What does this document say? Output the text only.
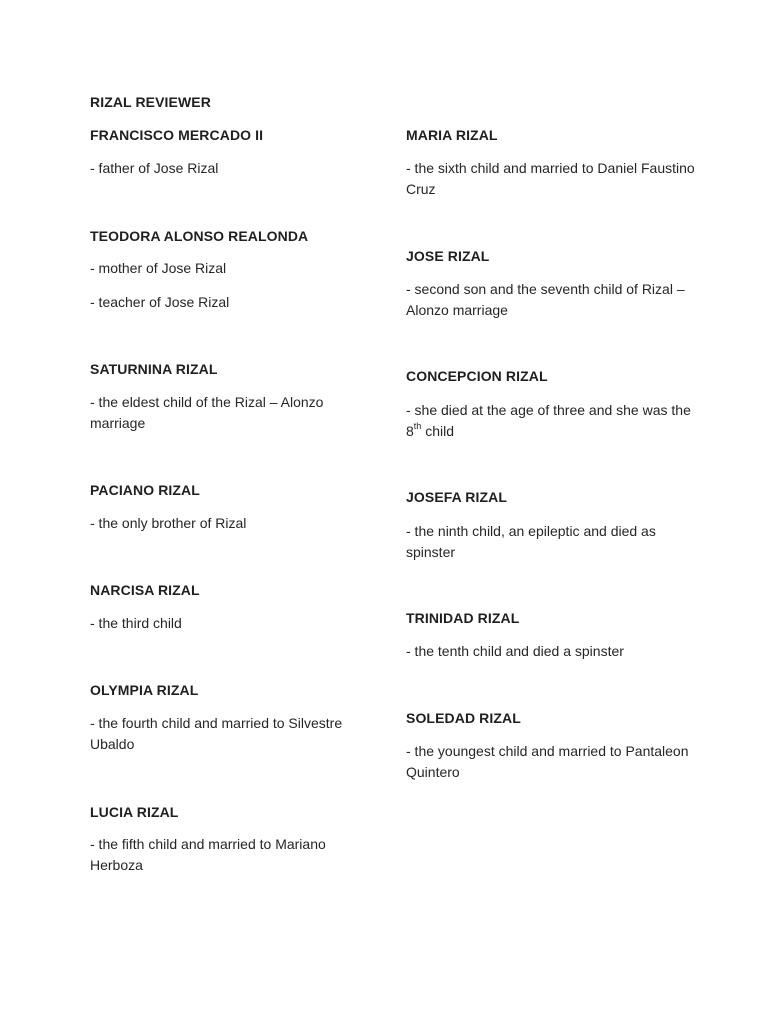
RIZAL REVIEWER
FRANCISCO MERCADO II
- father of Jose Rizal
TEODORA ALONSO REALONDA
- mother of Jose Rizal
- teacher of Jose Rizal
SATURNINA RIZAL
- the eldest child of the Rizal – Alonzo marriage
PACIANO RIZAL
- the only brother of Rizal
NARCISA RIZAL
- the third child
OLYMPIA RIZAL
- the fourth child and married to Silvestre Ubaldo
LUCIA RIZAL
- the fifth child and married to Mariano Herboza
MARIA RIZAL
- the sixth child and married to Daniel Faustino Cruz
JOSE RIZAL
- second son and the seventh child of Rizal – Alonzo marriage
CONCEPCION RIZAL
- she died at the age of three and she was the 8th child
JOSEFA RIZAL
- the ninth child, an epileptic and died as spinster
TRINIDAD RIZAL
- the tenth child and died a spinster
SOLEDAD RIZAL
- the youngest child and married to Pantaleon Quintero
